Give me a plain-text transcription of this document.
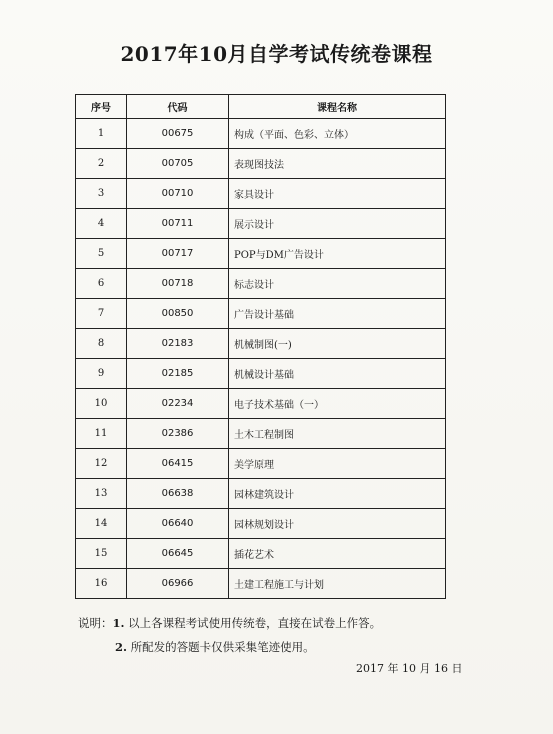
2017年10月自学考试传统卷课程
序号	代码	课程名称
1	00675	构成（平面、色彩、立体）
2	00705	表现图技法
3	00710	家具设计
4	00711	展示设计
5	00717	POP与DM广告设计
6	00718	标志设计
7	00850	广告设计基础
8	02183	机械制图(一)
9	02185	机械设计基础
10	02234	电子技术基础（一）
11	02386	土木工程制图
12	06415	美学原理
13	06638	园林建筑设计
14	06640	园林规划设计
15	06645	插花艺术
16	06966	土建工程施工与计划
说明：1. 以上各课程考试使用传统卷，直接在试卷上作答。
2. 所配发的答题卡仅供采集笔迹使用。
2017 年 10 月 16 日
